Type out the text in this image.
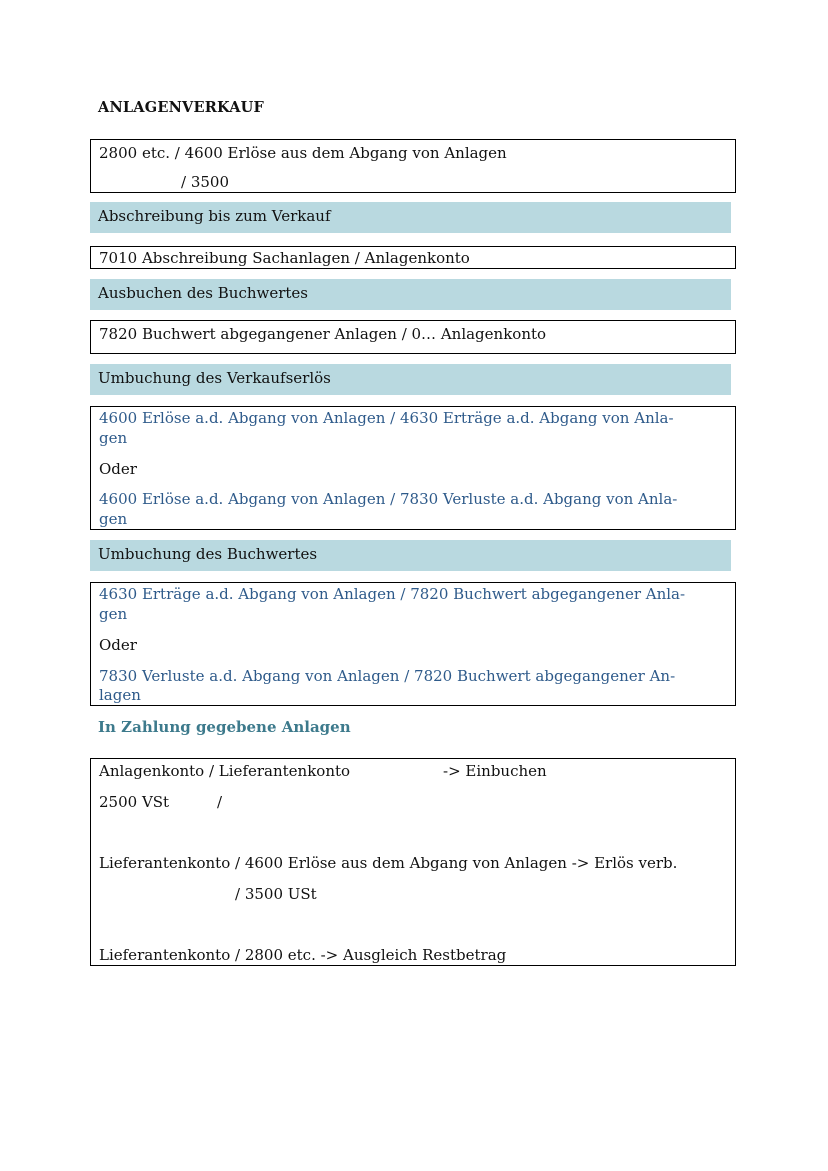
ANLAGENVERKAUF
2800 etc. / 4600 Erlöse aus dem Abgang von Anlagen
/ 3500
Abschreibung bis zum Verkauf
7010 Abschreibung Sachanlagen / Anlagenkonto
Ausbuchen des Buchwertes
7820 Buchwert abgegangener Anlagen / 0… Anlagenkonto
Umbuchung des Verkaufserlös
4600 Erlöse a.d. Abgang von Anlagen / 4630 Erträge a.d. Abgang von Anla-
gen
Oder
4600 Erlöse a.d. Abgang von Anlagen / 7830 Verluste a.d. Abgang von Anla-
gen
Umbuchung des Buchwertes
4630 Erträge a.d. Abgang von Anlagen / 7820 Buchwert abgegangener Anla-
gen
Oder
7830 Verluste a.d. Abgang von Anlagen / 7820 Buchwert abgegangener An-
lagen
In Zahlung gegebene Anlagen
Anlagenkonto / Lieferantenkonto	-> Einbuchen
2500 VSt	/
Lieferantenkonto / 4600 Erlöse aus dem Abgang von Anlagen -> Erlös verb.
/ 3500 USt
Lieferantenkonto / 2800 etc. -> Ausgleich Restbetrag
